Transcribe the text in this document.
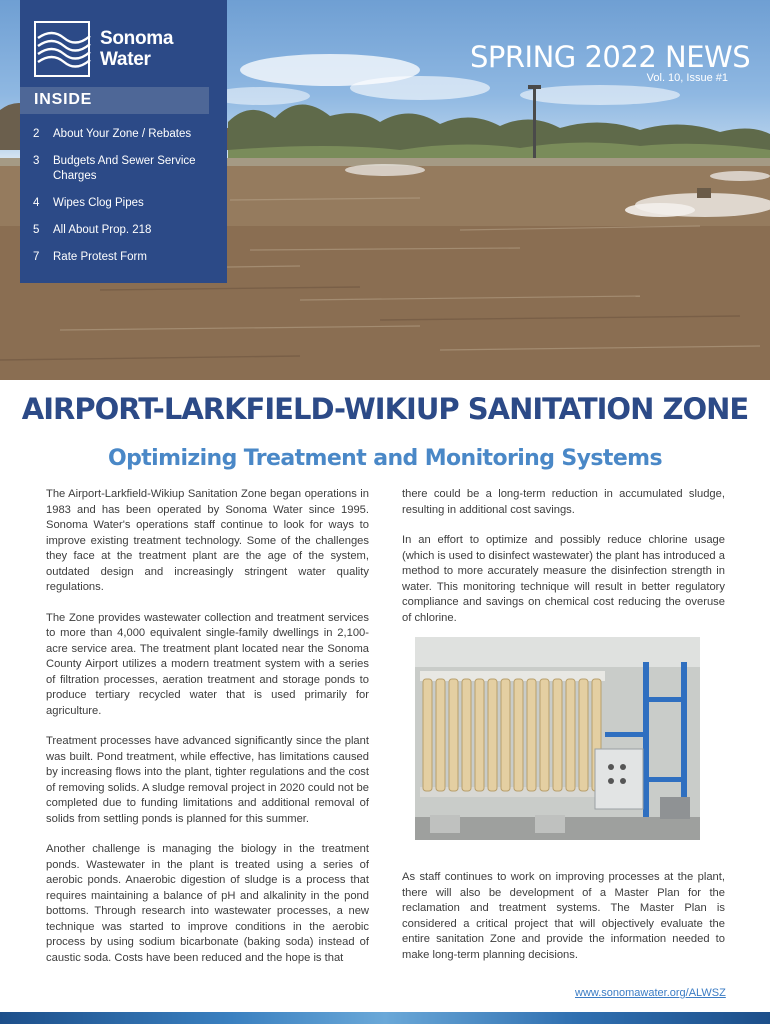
SPRING 2022 NEWS
Vol. 10, Issue #1
Sonoma
Water
INSIDE
2	About Your Zone / Rebates
3	Budgets And Sewer Service Charges
4	Wipes Clog Pipes
5	All About Prop. 218
7	Rate Protest Form
AIRPORT-LARKFIELD-WIKIUP SANITATION ZONE
Optimizing Treatment and Monitoring Systems

The Airport-Larkfield-Wikiup Sanitation Zone began operations in 1983 and has been operated by Sonoma Water since 1995. Sonoma Water's operations staff continue to look for ways to improve existing treatment technology. Some of the challenges they face at the treatment plant are the age of the system, outdated design and increasingly stringent water quality regulations.

The Zone provides wastewater collection and treatment services to more than 4,000 equivalent single-family dwellings in 2,100-acre service area. The treatment plant located near the Sonoma County Airport utilizes a modern treatment system with a series of filtration processes, aeration treatment and storage ponds to produce tertiary recycled water that is used primarily for agriculture.

Treatment processes have advanced significantly since the plant was built. Pond treatment, while effective, has limitations caused by increasing flows into the plant, tighter regulations and the cost of removing solids. A sludge removal project in 2020 could not be completed due to funding limitations and additional removal of solids from settling ponds is planned for this summer.

Another challenge is managing the biology in the treatment ponds. Wastewater in the plant is treated using a series of aerobic ponds. Anaerobic digestion of sludge is a process that requires maintaining a balance of pH and alkalinity in the pond bottoms. Through research into wastewater processes, a new technique was started to improve conditions in the aerobic process by using sodium bicarbonate (baking soda) instead of caustic soda. Costs have been reduced and the hope is that

there could be a long-term reduction in accumulated sludge, resulting in additional cost savings.

In an effort to optimize and possibly reduce chlorine usage (which is used to disinfect wastewater) the plant has introduced a method to more accurately measure the disinfection strength in water. This monitoring technique will result in better regulatory compliance and savings on chemical cost reducing the overuse of chlorine.

As staff continues to work on improving processes at the plant, there will also be development of a Master Plan for the reclamation and treatment systems. The Master Plan is considered a critical project that will objectively evaluate the entire sanitation Zone and provide the information needed to make long-term planning decisions.

www.sonomawater.org/ALWSZ
